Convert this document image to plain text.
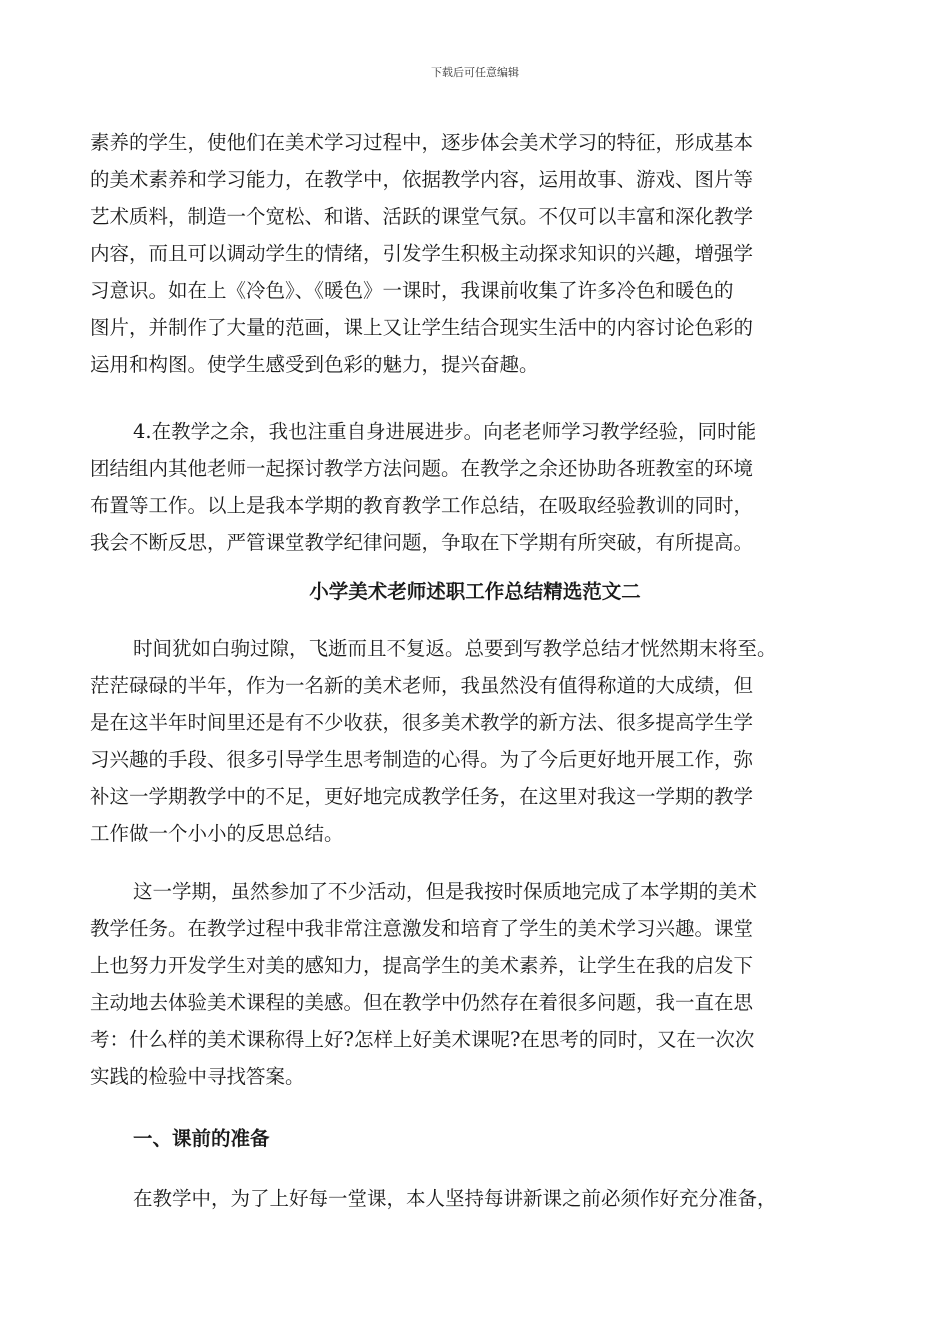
下载后可任意编辑
素养的学生，使他们在美术学习过程中，逐步体会美术学习的特征，形成基本
的美术素养和学习能力，在教学中，依据教学内容，运用故事、游戏、图片等
艺术质料，制造一个宽松、和谐、活跃的课堂气氛。不仅可以丰富和深化教学
内容，而且可以调动学生的情绪，引发学生积极主动探求知识的兴趣，增强学
习意识。如在上《冷色》、《暖色》一课时，我课前收集了许多冷色和暖色的
图片，并制作了大量的范画，课上又让学生结合现实生活中的内容讨论色彩的
运用和构图。使学生感受到色彩的魅力，提兴奋趣。
4.在教学之余，我也注重自身进展进步。向老老师学习教学经验，同时能
团结组内其他老师一起探讨教学方法问题。在教学之余还协助各班教室的环境
布置等工作。以上是我本学期的教育教学工作总结，在吸取经验教训的同时，
我会不断反思，严管课堂教学纪律问题，争取在下学期有所突破，有所提高。
小学美术老师述职工作总结精选范文二
时间犹如白驹过隙，飞逝而且不复返。总要到写教学总结才恍然期末将至。
茫茫碌碌的半年，作为一名新的美术老师，我虽然没有值得称道的大成绩，但
是在这半年时间里还是有不少收获，很多美术教学的新方法、很多提高学生学
习兴趣的手段、很多引导学生思考制造的心得。为了今后更好地开展工作，弥
补这一学期教学中的不足，更好地完成教学任务，在这里对我这一学期的教学
工作做一个小小的反思总结。
这一学期，虽然参加了不少活动，但是我按时保质地完成了本学期的美术
教学任务。在教学过程中我非常注意激发和培育了学生的美术学习兴趣。课堂
上也努力开发学生对美的感知力，提高学生的美术素养，让学生在我的启发下
主动地去体验美术课程的美感。但在教学中仍然存在着很多问题，我一直在思
考：什么样的美术课称得上好?怎样上好美术课呢?在思考的同时，又在一次次
实践的检验中寻找答案。
一、课前的准备
在教学中，为了上好每一堂课，本人坚持每讲新课之前必须作好充分准备，
